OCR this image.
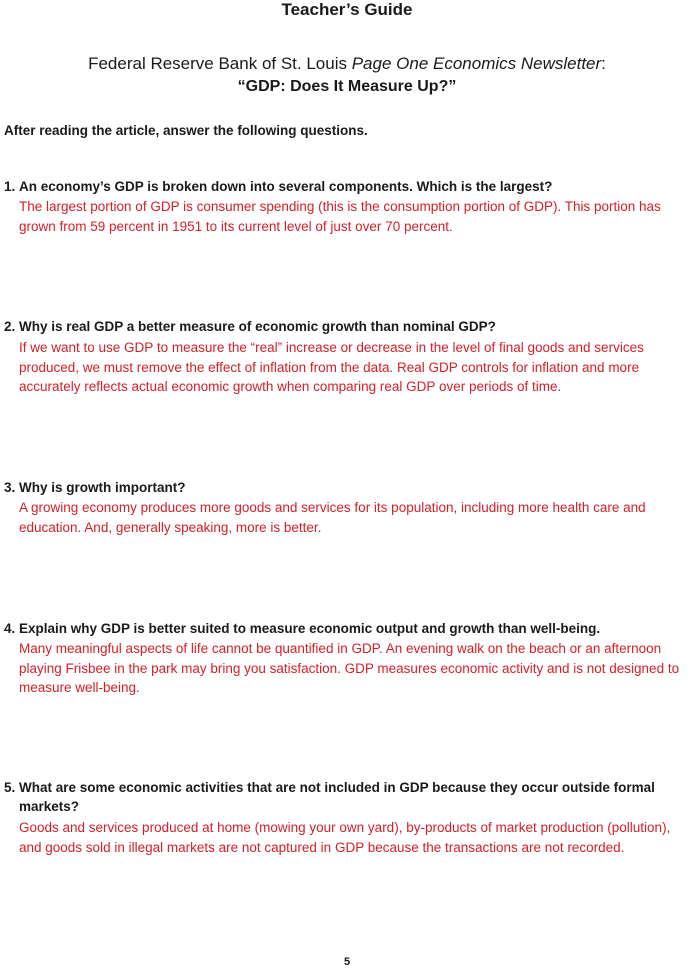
Teacher’s Guide
Federal Reserve Bank of St. Louis Page One Economics Newsletter:
“GDP: Does It Measure Up?”
After reading the article, answer the following questions.
1. An economy’s GDP is broken down into several components. Which is the largest?
The largest portion of GDP is consumer spending (this is the consumption portion of GDP). This portion has grown from 59 percent in 1951 to its current level of just over 70 percent.
2. Why is real GDP a better measure of economic growth than nominal GDP?
If we want to use GDP to measure the “real” increase or decrease in the level of final goods and services produced, we must remove the effect of inflation from the data. Real GDP controls for inflation and more accurately reflects actual economic growth when comparing real GDP over periods of time.
3. Why is growth important?
A growing economy produces more goods and services for its population, including more health care and education. And, generally speaking, more is better.
4. Explain why GDP is better suited to measure economic output and growth than well-being.
Many meaningful aspects of life cannot be quantified in GDP. An evening walk on the beach or an afternoon playing Frisbee in the park may bring you satisfaction. GDP measures economic activity and is not designed to measure well-being.
5. What are some economic activities that are not included in GDP because they occur outside formal markets?
Goods and services produced at home (mowing your own yard), by-products of market production (pollution), and goods sold in illegal markets are not captured in GDP because the transactions are not recorded.
5
